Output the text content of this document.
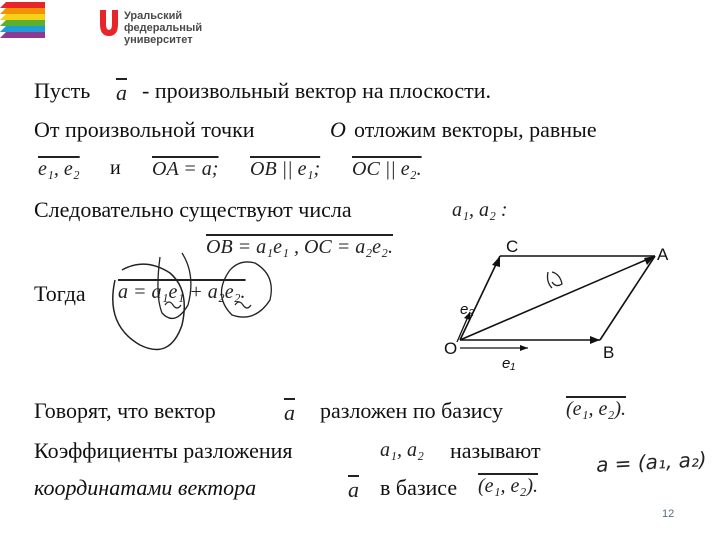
Уральский
федеральный
университет
Пусть $\overline{a}$ - произвольный вектор на плоскости.
От произвольной точки	О отложим векторы, равные
e₁, e₂ и OA = a; OB || e₁; OC || e₂.
Следовательно существуют числа	a₁, a₂ :
OB = a₁e₁ , OC = a₂e₂.
Тогда a = a₁e₁ + a₂e₂.
O
A
B
C
e₁
e₂
Говорят, что вектор	$\overline{a}$ разложен по базису	(e₁, e₂).
Коэффициенты разложения	a₁, a₂ называют
координатами вектора	$\overline{a}$ в базисе (e₁, e₂).
a = (a₁, a₂)
12
